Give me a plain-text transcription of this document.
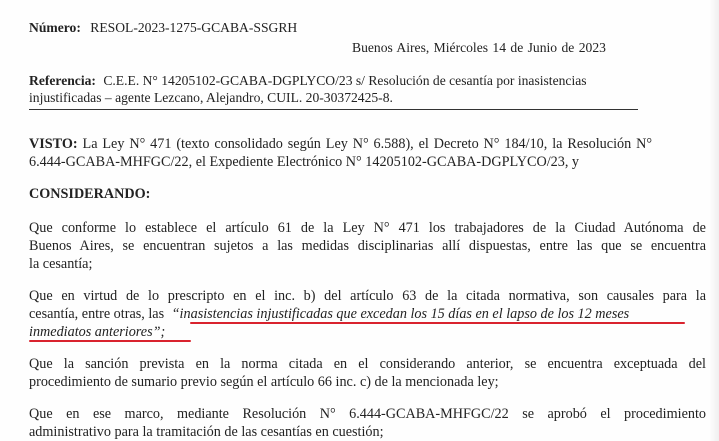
Número: RESOL-2023-1275-GCABA-SSGRH
Buenos Aires, Miércoles 14 de Junio de 2023
Referencia: C.E.E. N° 14205102-GCABA-DGPLYCO/23 s/ Resolución de cesantía por inasistencias
injustificadas – agente Lezcano, Alejandro, CUIL. 20-30372425-8.
VISTO: La Ley N° 471 (texto consolidado según Ley N° 6.588), el Decreto N° 184/10, la Resolución N°
6.444-GCABA-MHFGC/22, el Expediente Electrónico N° 14205102-GCABA-DGPLYCO/23, y
CONSIDERANDO:
Que conforme lo establece el artículo 61 de la Ley N° 471 los trabajadores de la Ciudad Autónoma de
Buenos Aires, se encuentran sujetos a las medidas disciplinarias allí dispuestas, entre las que se encuentra
la cesantía;
Que en virtud de lo prescripto en el inc. b) del artículo 63 de la citada normativa, son causales para la
cesantía, entre otras, las “inasistencias injustificadas que excedan los 15 días en el lapso de los 12 meses
inmediatos anteriores”;
Que la sanción prevista en la norma citada en el considerando anterior, se encuentra exceptuada del
procedimiento de sumario previo según el artículo 66 inc. c) de la mencionada ley;
Que en ese marco, mediante Resolución N° 6.444-GCABA-MHFGC/22 se aprobó el procedimiento
administrativo para la tramitación de las cesantías en cuestión;
